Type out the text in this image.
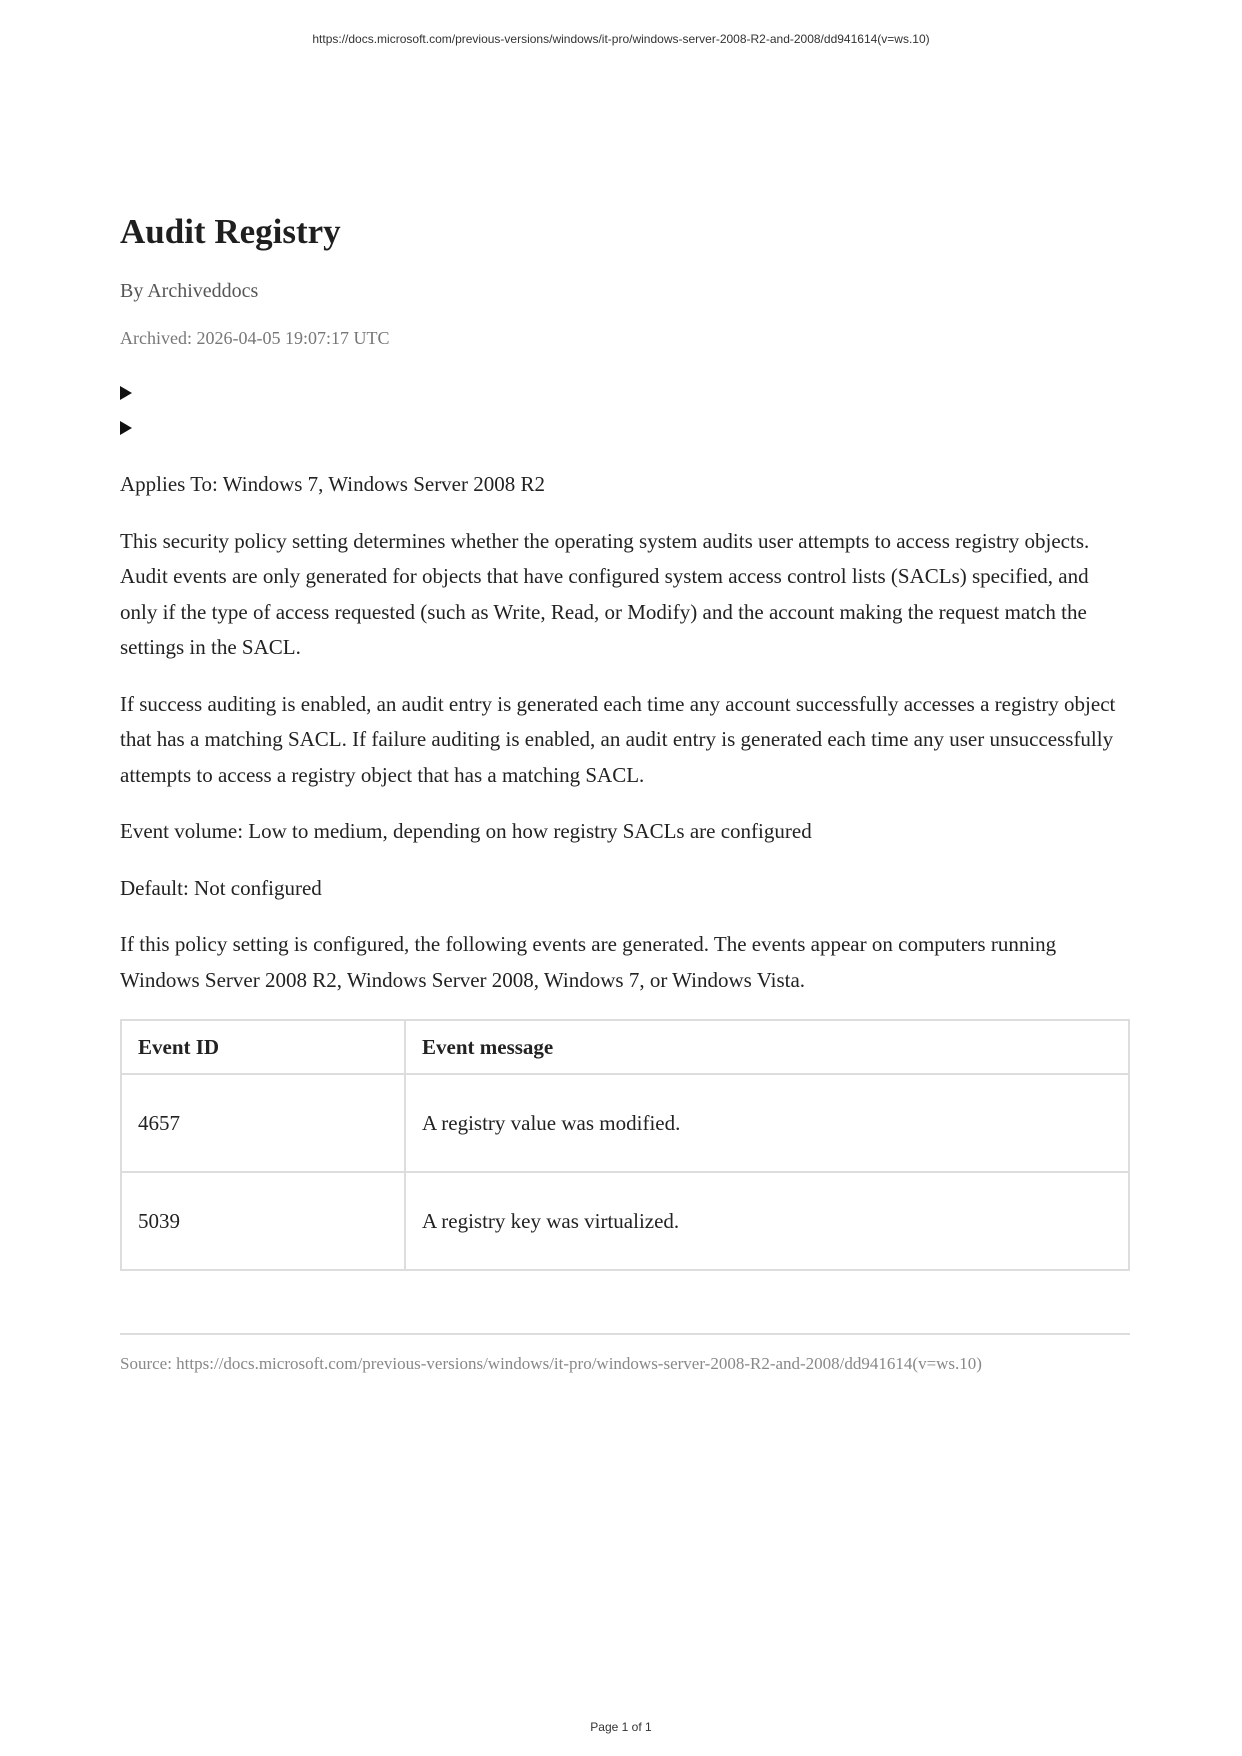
https://docs.microsoft.com/previous-versions/windows/it-pro/windows-server-2008-R2-and-2008/dd941614(v=ws.10)
Audit Registry
By Archiveddocs
Archived: 2026-04-05 19:07:17 UTC

Applies To: Windows 7, Windows Server 2008 R2

This security policy setting determines whether the operating system audits user attempts to access registry objects. Audit events are only generated for objects that have configured system access control lists (SACLs) specified, and only if the type of access requested (such as Write, Read, or Modify) and the account making the request match the settings in the SACL.

If success auditing is enabled, an audit entry is generated each time any account successfully accesses a registry object that has a matching SACL. If failure auditing is enabled, an audit entry is generated each time any user unsuccessfully attempts to access a registry object that has a matching SACL.

Event volume: Low to medium, depending on how registry SACLs are configured

Default: Not configured

If this policy setting is configured, the following events are generated. The events appear on computers running Windows Server 2008 R2, Windows Server 2008, Windows 7, or Windows Vista.

Event ID	Event message
4657	A registry value was modified.
5039	A registry key was virtualized.
Source: https://docs.microsoft.com/previous-versions/windows/it-pro/windows-server-2008-R2-and-2008/dd941614(v=ws.10)
Page 1 of 1
